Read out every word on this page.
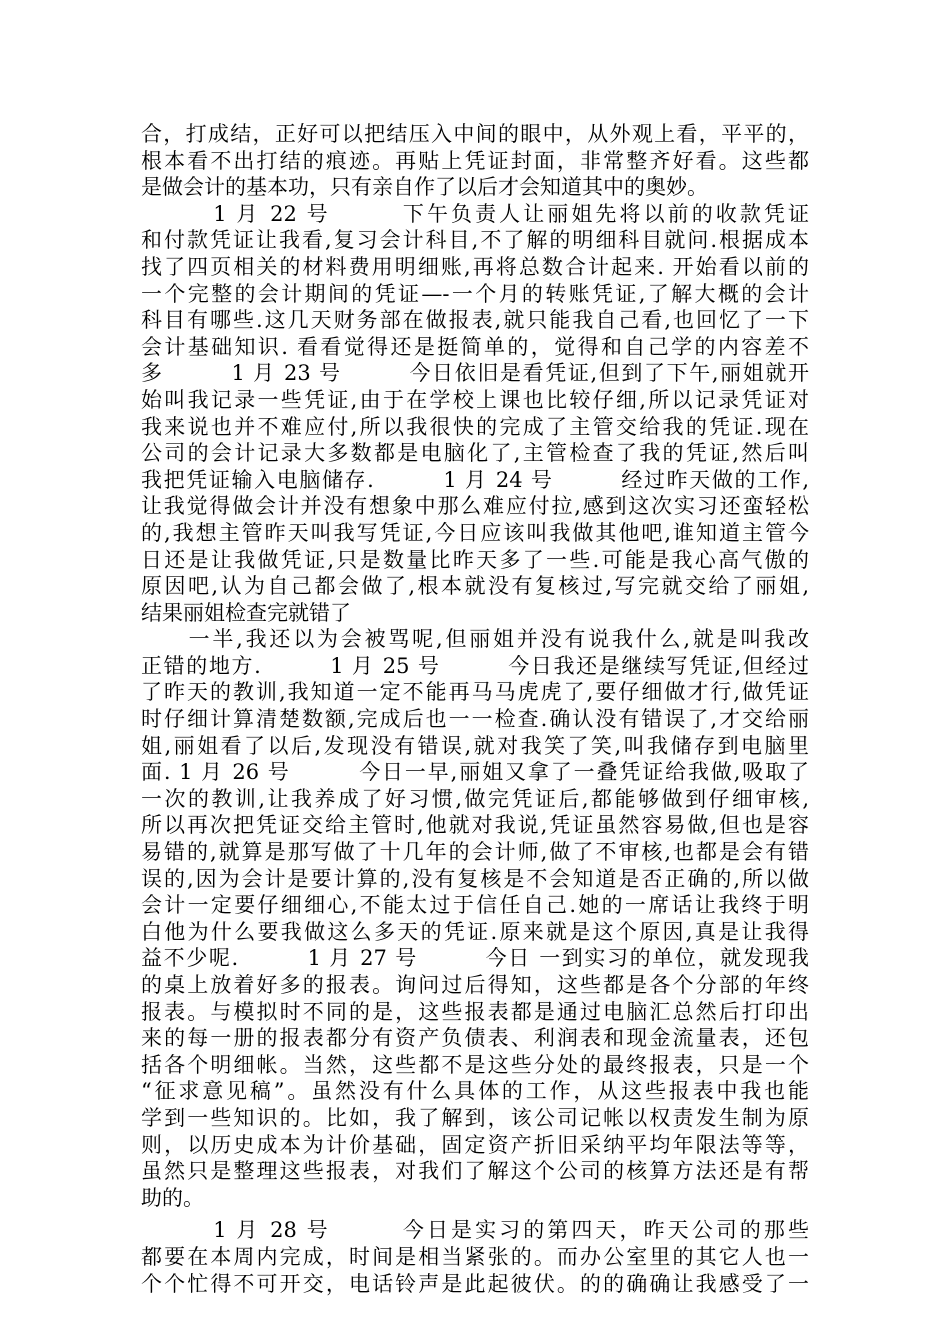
合，打成结，正好可以把结压入中间的眼中，从外观上看，平平的，
根本看不出打结的痕迹。再贴上凭证封面，非常整齐好看。这些都
是做会计的基本功，只有亲自作了以后才会知道其中的奥妙。
　　　1 月 22 号　　　下午负责人让丽姐先将以前的收款凭证
和付款凭证让我看,复习会计科目,不了解的明细科目就问.根据成本
找了四页相关的材料费用明细账,再将总数合计起来. 开始看以前的
一个完整的会计期间的凭证—-一个月的转账凭证,了解大概的会计
科目有哪些.这几天财务部在做报表,就只能我自己看,也回忆了一下
会计基础知识. 看看觉得还是挺简单的，觉得和自己学的内容差不
多　　　1 月 23 号　　　今日依旧是看凭证,但到了下午,丽姐就开
始叫我记录一些凭证,由于在学校上课也比较仔细,所以记录凭证对
我来说也并不难应付,所以我很快的完成了主管交给我的凭证.现在
公司的会计记录大多数都是电脑化了,主管检查了我的凭证,然后叫
我把凭证输入电脑储存.　　　1 月 24 号　　　经过昨天做的工作,
让我觉得做会计并没有想象中那么难应付拉,感到这次实习还蛮轻松
的,我想主管昨天叫我写凭证,今日应该叫我做其他吧,谁知道主管今
日还是让我做凭证,只是数量比昨天多了一些.可能是我心高气傲的
原因吧,认为自己都会做了,根本就没有复核过,写完就交给了丽姐,
结果丽姐检查完就错了
　　一半,我还以为会被骂呢,但丽姐并没有说我什么,就是叫我改
正错的地方.　　　1 月 25 号　　　今日我还是继续写凭证,但经过
了昨天的教训,我知道一定不能再马马虎虎了,要仔细做才行,做凭证
时仔细计算清楚数额,完成后也一一检查.确认没有错误了,才交给丽
姐,丽姐看了以后,发现没有错误,就对我笑了笑,叫我储存到电脑里
面. 1 月 26 号　　　今日一早,丽姐又拿了一叠凭证给我做,吸取了
一次的教训,让我养成了好习惯,做完凭证后,都能够做到仔细审核,
所以再次把凭证交给主管时,他就对我说,凭证虽然容易做,但也是容
易错的,就算是那写做了十几年的会计师,做了不审核,也都是会有错
误的,因为会计是要计算的,没有复核是不会知道是否正确的,所以做
会计一定要仔细细心,不能太过于信任自己.她的一席话让我终于明
白他为什么要我做这么多天的凭证.原来就是这个原因,真是让我得
益不少呢.　　　1 月 27 号　　　今日 一到实习的单位，就发现我
的桌上放着好多的报表。询问过后得知，这些都是各个分部的年终
报表。与模拟时不同的是，这些报表都是通过电脑汇总然后打印出
来的每一册的报表都分有资产负债表、利润表和现金流量表，还包
括各个明细帐。当然，这些都不是这些分处的最终报表，只是一个
“征求意见稿”。虽然没有什么具体的工作，从这些报表中我也能
学到一些知识的。比如，我了解到，该公司记帐以权责发生制为原
则，以历史成本为计价基础，固定资产折旧采纳平均年限法等等，
虽然只是整理这些报表，对我们了解这个公司的核算方法还是有帮
助的。
　　　1 月 28 号　　　今日是实习的第四天，昨天公司的那些
都要在本周内完成，时间是相当紧张的。而办公室里的其它人也一
个个忙得不可开交，电话铃声是此起彼伏。的的确确让我感受了一
